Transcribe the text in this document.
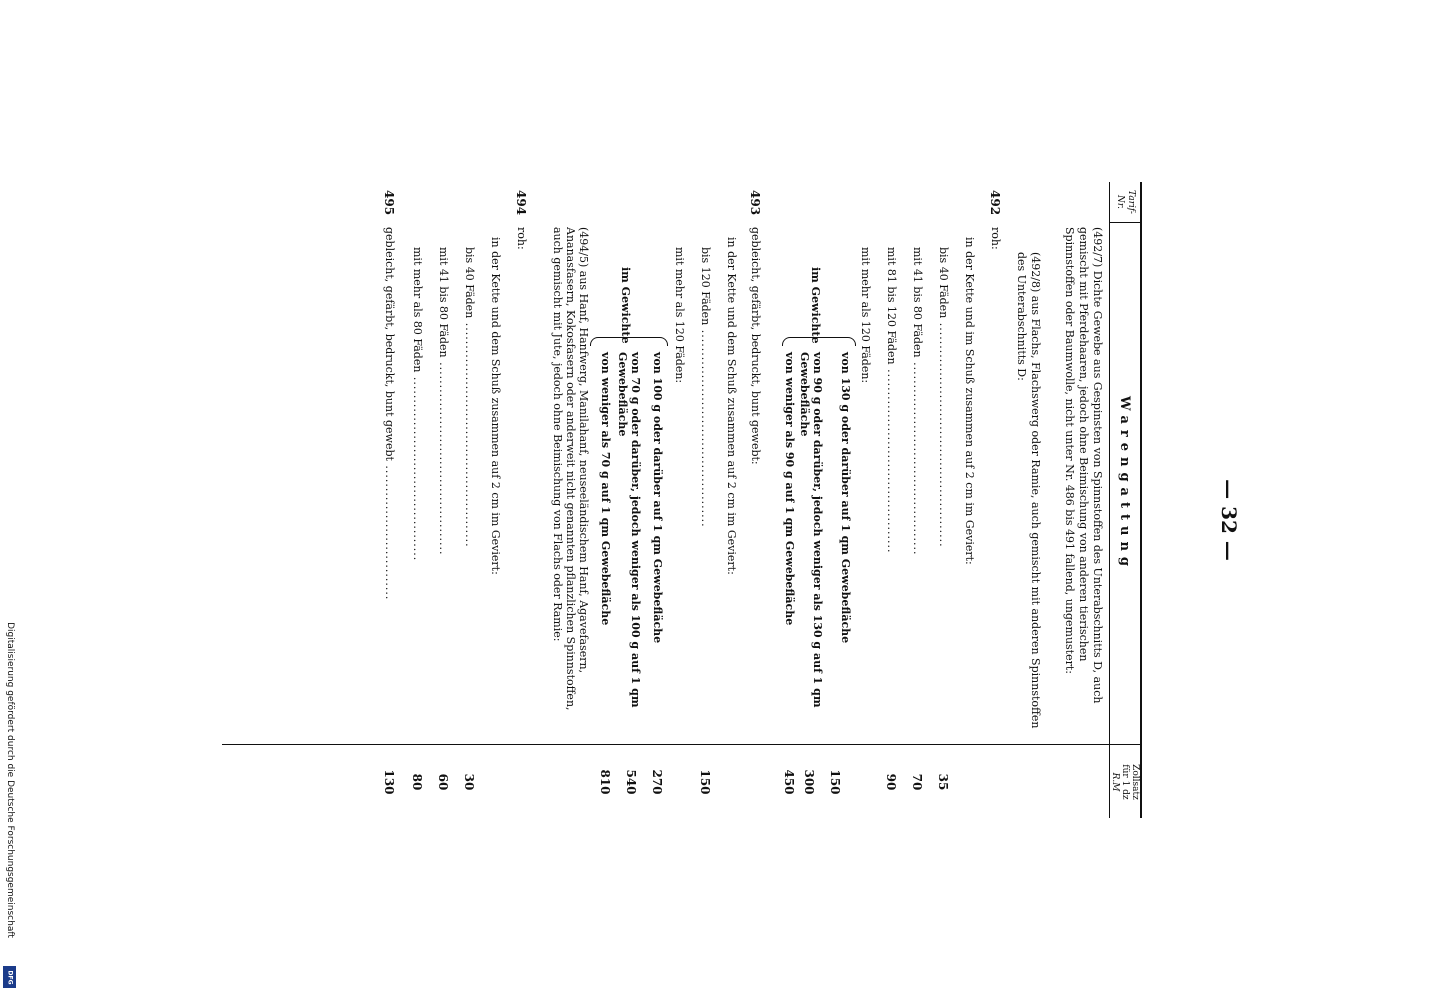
— 32 —
Digitalisierung gefördert durch die Deutsche Forschungsgemeinschaft
DFG
Tarif-
Nr.
Warengattung
Zollsatz
für 1 dz
R.M
(492/7) Dichte Gewebe aus Gespinsten von Spinnstoffen des Unterabschnitts D, auch gemischt mit Pferdehaaren, jedoch ohne Beimischung von anderen tierischen Spinnstoffen oder Baumwolle, nicht unter Nr. 486 bis 491 fallend, ungemustert:
(492/8) aus Flachs, Flachswerg oder Ramie, auch gemischt mit anderen Spinnstoffen des Unterabschnitts D:
492
roh:
in der Kette und im Schuß zusammen auf 2 cm im Geviert:
bis 40 Fäden ..................................................
35
mit 41 bis 80 Fäden ...........................................
70
mit 81 bis 120 Fäden .........................................
90
mit mehr als 120 Fäden:
im Gewichte
von 130 g oder darüber auf 1 qm Gewebefläche
150
von 90 g oder darüber, jedoch weniger als 130 g auf 1 qm Gewebefläche
300
von weniger als 90 g auf 1 qm Gewebefläche
450
493
gebleicht, gefärbt, bedruckt, bunt gewebt:
in der Kette und dem Schuß zusammen auf 2 cm im Geviert:
bis 120 Fäden ............................................
150
mit mehr als 120 Fäden:
im Gewichte
von 100 g oder darüber auf 1 qm Gewebefläche
270
von 70 g oder darüber, jedoch weniger als 100 g auf 1 qm Gewebefläche
540
von weniger als 70 g auf 1 qm Gewebefläche
810
(494/5) aus Hanf, Hanfwerg, Manilahanf, neuseeländischem Hanf, Agavefasern, Ananasfasern, Kokosfasern oder anderweit nicht genannten pflanzlichen Spinnstoffen, auch gemischt mit Jute, jedoch ohne Beimischung von Flachs oder Ramie:
494
roh:
in der Kette und dem Schuß zusammen auf 2 cm im Geviert:
bis 40 Fäden ..................................................
30
mit 41 bis 80 Fäden ...........................................
60
mit mehr als 80 Fäden .........................................
80
495
gebleicht, gefärbt, bedruckt, bunt gewebt ..............................
130
